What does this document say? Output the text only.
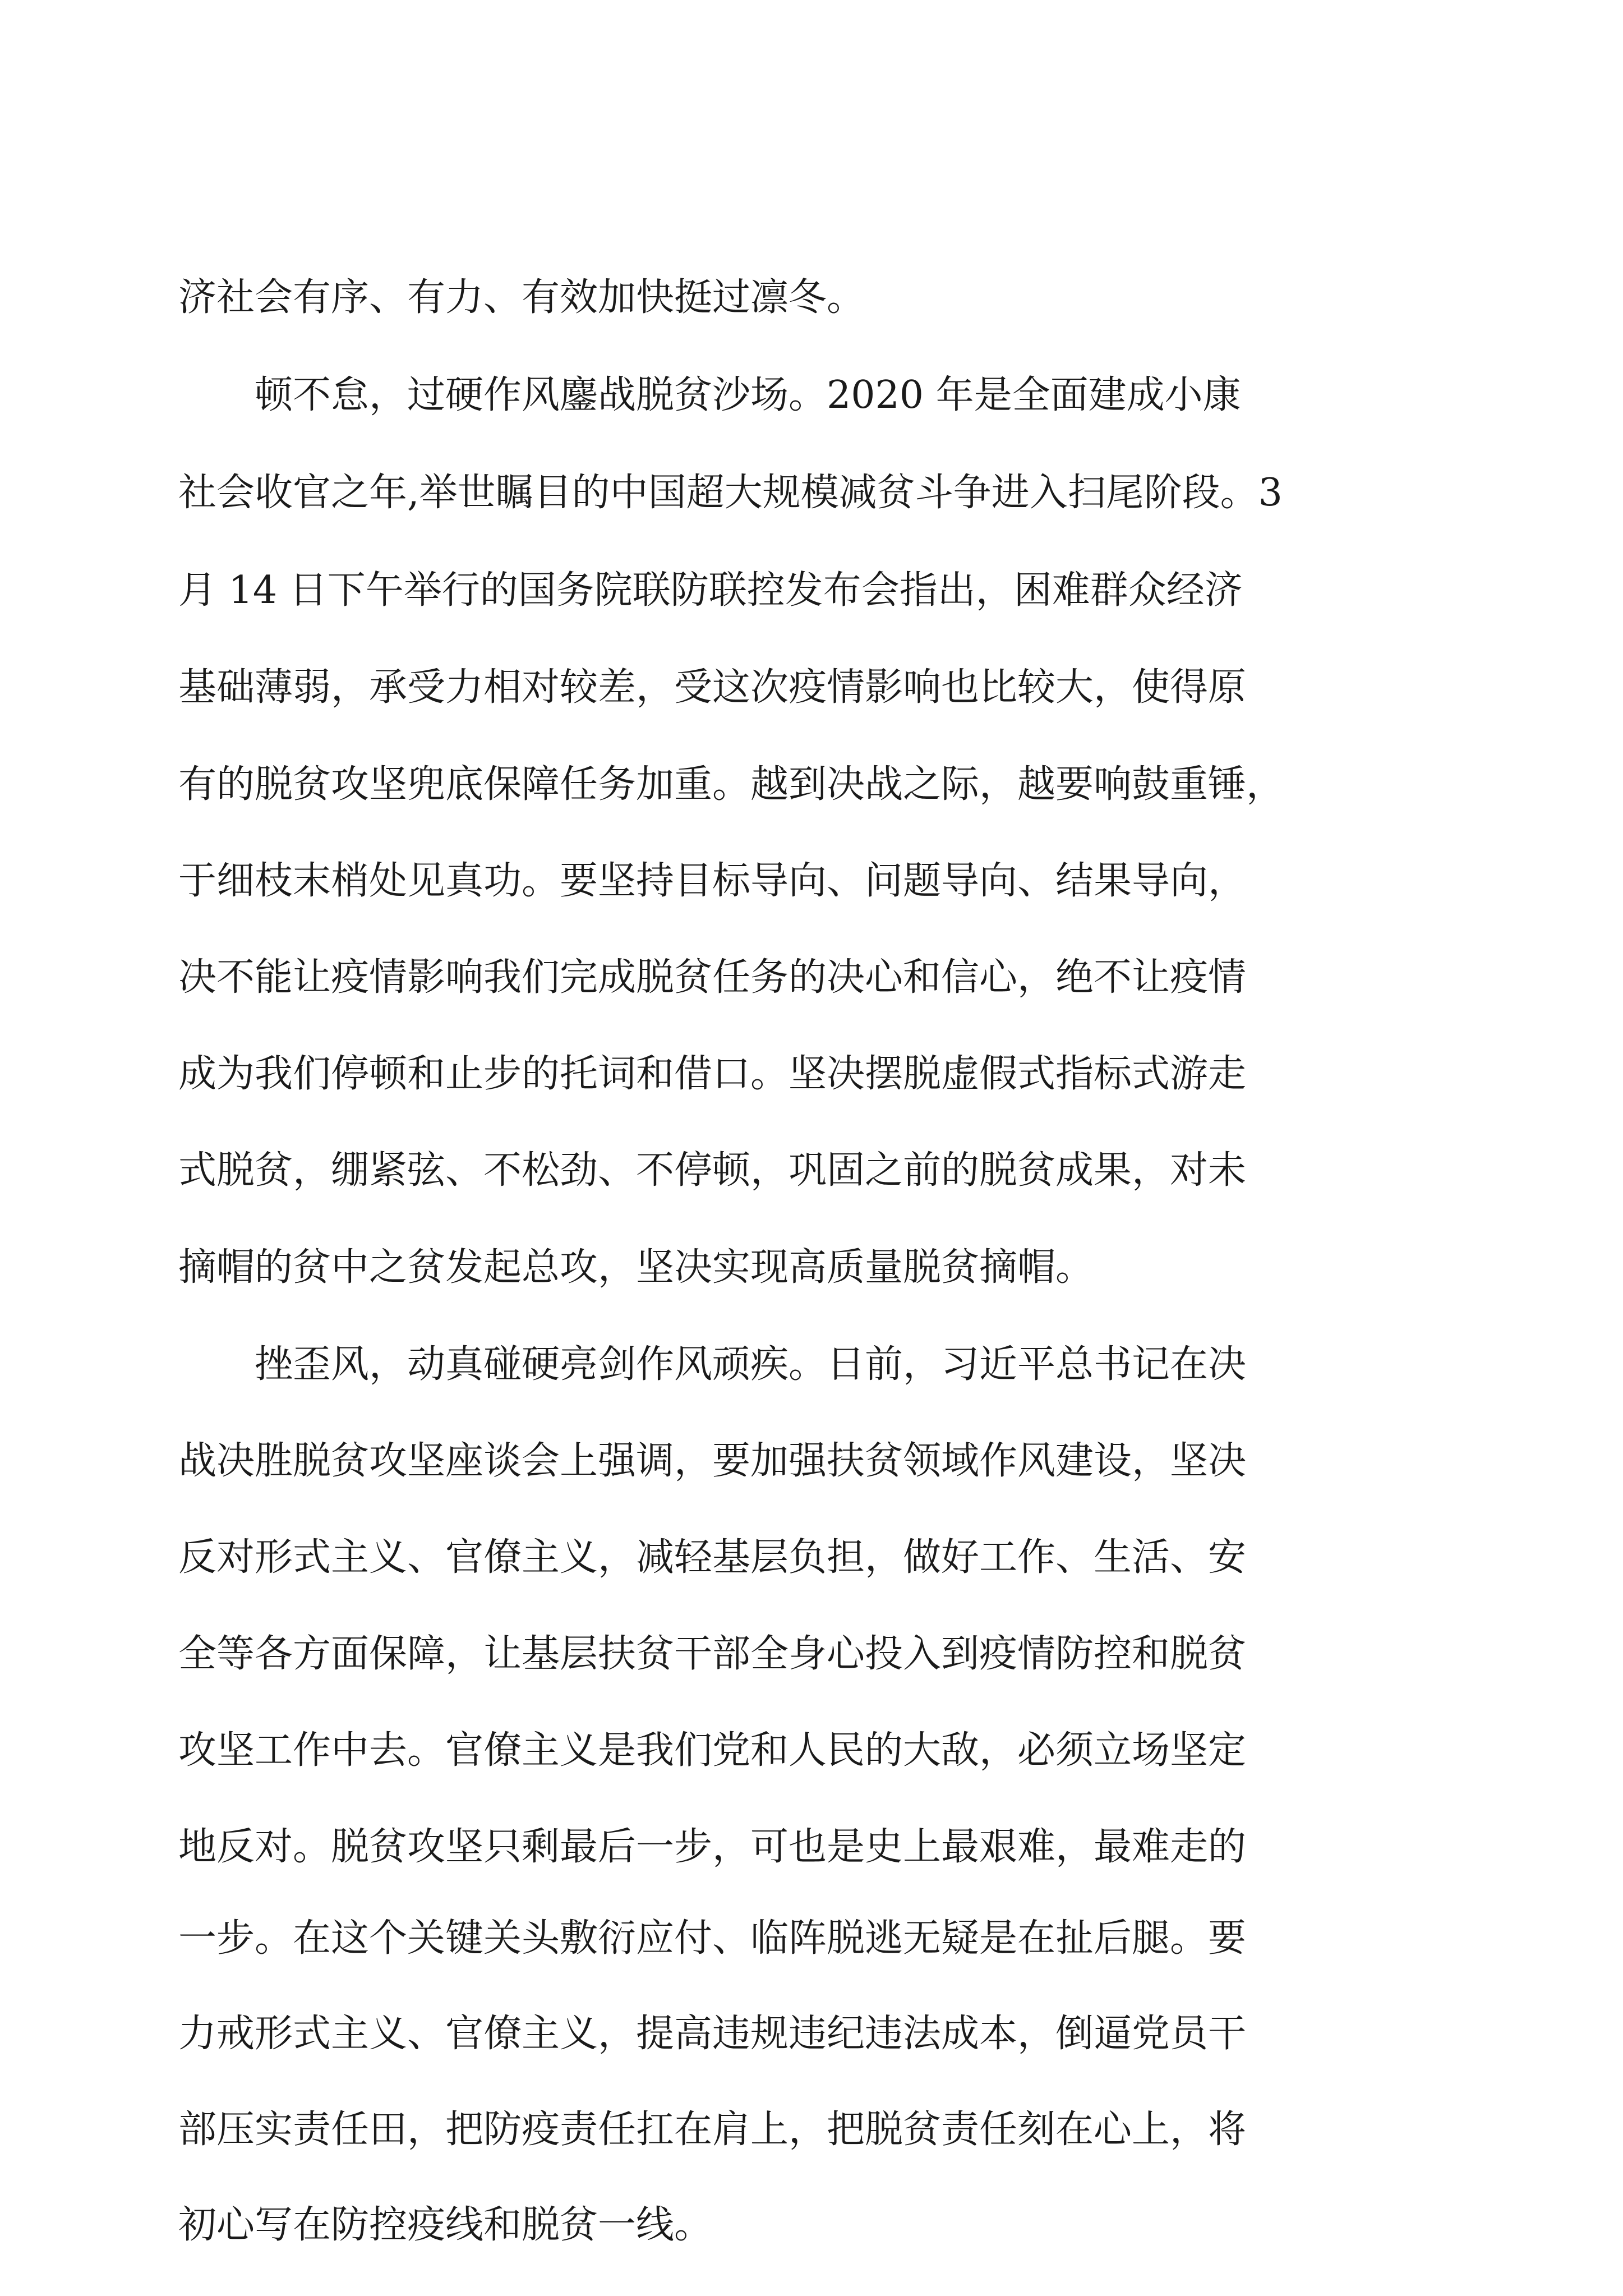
济社会有序、有力、有效加快挺过凛冬。
　　顿不怠，过硬作风鏖战脱贫沙场。2020 年是全面建成小康
社会收官之年,举世瞩目的中国超大规模减贫斗争进入扫尾阶段。3
月 14 日下午举行的国务院联防联控发布会指出，困难群众经济
基础薄弱，承受力相对较差，受这次疫情影响也比较大，使得原
有的脱贫攻坚兜底保障任务加重。越到决战之际，越要响鼓重锤，
于细枝末梢处见真功。要坚持目标导向、问题导向、结果导向，
决不能让疫情影响我们完成脱贫任务的决心和信心，绝不让疫情
成为我们停顿和止步的托词和借口。坚决摆脱虚假式指标式游走
式脱贫，绷紧弦、不松劲、不停顿，巩固之前的脱贫成果，对未
摘帽的贫中之贫发起总攻，坚决实现高质量脱贫摘帽。
　　挫歪风，动真碰硬亮剑作风顽疾。日前，习近平总书记在决
战决胜脱贫攻坚座谈会上强调，要加强扶贫领域作风建设，坚决
反对形式主义、官僚主义，减轻基层负担，做好工作、生活、安
全等各方面保障，让基层扶贫干部全身心投入到疫情防控和脱贫
攻坚工作中去。官僚主义是我们党和人民的大敌，必须立场坚定
地反对。脱贫攻坚只剩最后一步，可也是史上最艰难，最难走的
一步。在这个关键关头敷衍应付、临阵脱逃无疑是在扯后腿。要
力戒形式主义、官僚主义，提高违规违纪违法成本，倒逼党员干
部压实责任田，把防疫责任扛在肩上，把脱贫责任刻在心上，将
初心写在防控疫线和脱贫一线。
